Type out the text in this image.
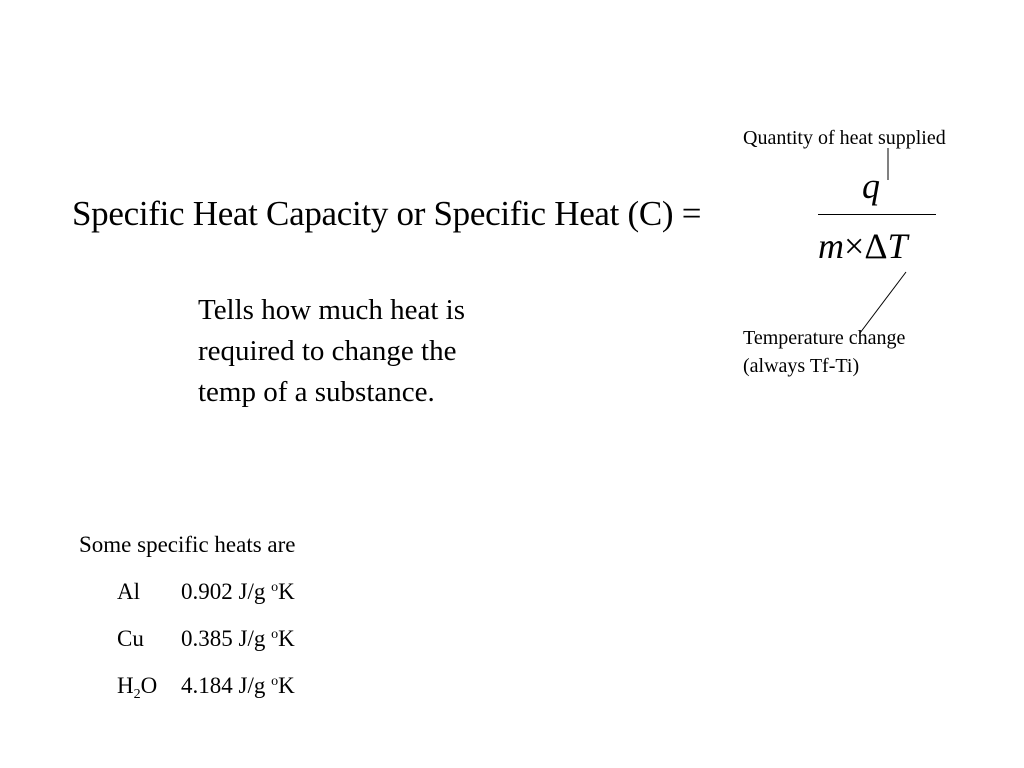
Quantity of heat supplied
Specific Heat Capacity or Specific Heat (C) =
q
m×ΔT
Temperature change
(always Tf-Ti)
Tells how much heat is
required to change the
temp of a substance.
Some specific heats are
Al	0.902 J/g $^o$K
Cu	0.385 J/g $^o$K
$H_2O$	4.184 J/g $^o$K
